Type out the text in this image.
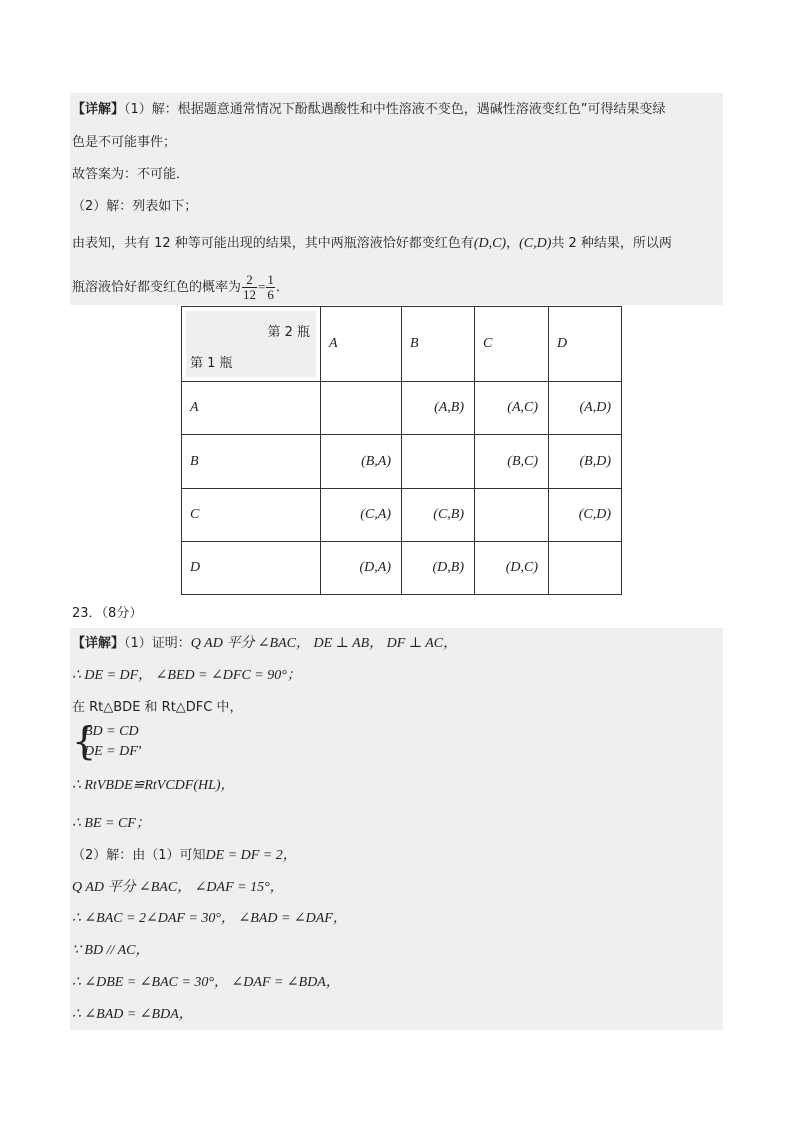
【详解】（1）解：根据题意通常情况下酚酞遇酸性和中性溶液不变色，遇碱性溶液变红色”可得结果变绿
色是不可能事件；
故答案为：不可能．
（2）解：列表如下；
由表知，共有 12 种等可能出现的结果，其中两瓶溶液恰好都变红色有(D,C)，(C,D)共 2 种结果，所以两
瓶溶液恰好都变红色的概率为 $\frac{2}{12} = \frac{1}{6}$ ．
第 2 瓶
第 1 瓶	A	B	C	D
A		(A,B)	(A,C)	(A,D)
B	(B,A)		(B,C)	(B,D)
C	(C,A)	(C,B)		(C,D)
D	(D,A)	(D,B)	(D,C)	
23．（8分）
【详解】（1）证明：Q AD 平分 ∠BAC， DE ⊥ AB， DF ⊥ AC，
∴ DE = DF， ∠BED = ∠DFC = 90°；
在 Rt△BDE 和 Rt△DFC 中，
{
BD = CD
DE = DF’
∴ RtVBDE≌RtVCDF(HL)，
∴ BE = CF；
（2）解：由（1）可知DE = DF = 2，
Q AD 平分 ∠BAC， ∠DAF = 15°，
∴ ∠BAC = 2∠DAF = 30°， ∠BAD = ∠DAF，
∵ BD // AC，
∴ ∠DBE = ∠BAC = 30°， ∠DAF = ∠BDA，
∴ ∠BAD = ∠BDA，
